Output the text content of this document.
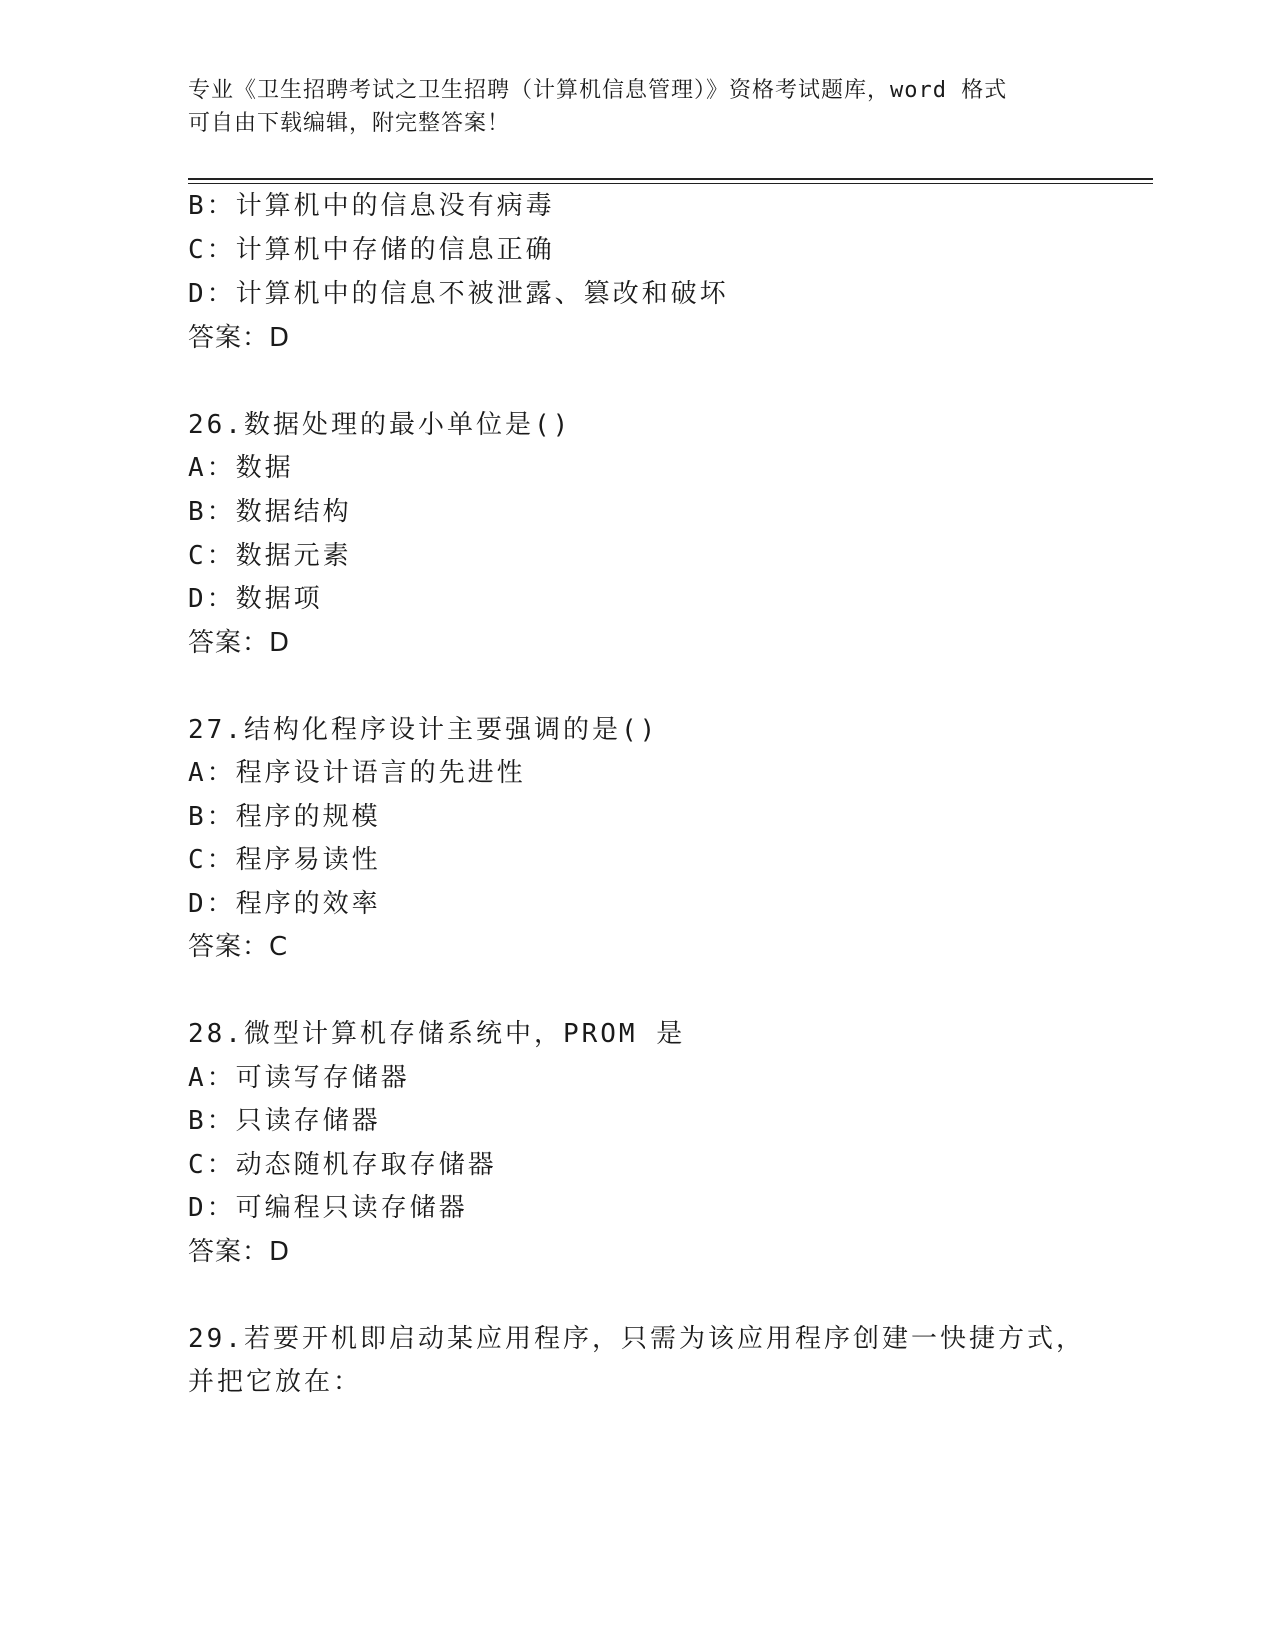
专业《卫生招聘考试之卫生招聘（计算机信息管理）》资格考试题库，word 格式
可自由下载编辑，附完整答案！
B：计算机中的信息没有病毒
C：计算机中存储的信息正确
D：计算机中的信息不被泄露、篡改和破坏
答案：D
26.数据处理的最小单位是()
A：数据
B：数据结构
C：数据元素
D：数据项
答案：D
27.结构化程序设计主要强调的是()
A：程序设计语言的先进性
B：程序的规模
C：程序易读性
D：程序的效率
答案：C
28.微型计算机存储系统中，PROM 是
A：可读写存储器
B：只读存储器
C：动态随机存取存储器
D：可编程只读存储器
答案：D
29.若要开机即启动某应用程序，只需为该应用程序创建一快捷方式，
并把它放在：
